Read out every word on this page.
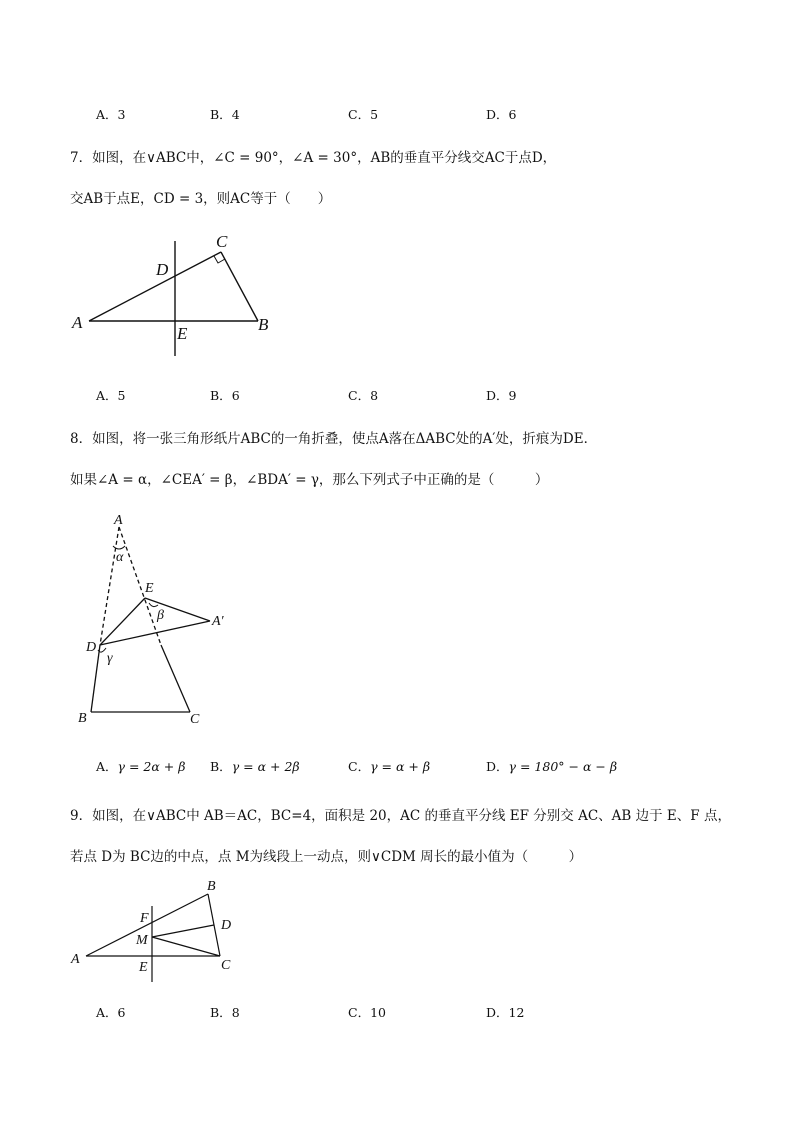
A．3	B．4	C．5	D．6
7．如图，在∨ABC中，∠C = 90°，∠A = 30°，AB的垂直平分线交AC于点D，
交AB于点E，CD = 3，则AC等于（　　）
A	B
C
D
E
A．5	B．6	C．8	D．9
8．如图，将一张三角形纸片ABC的一角折叠，使点A落在ΔABC处的A′处，折痕为DE．
如果∠A = α，∠CEA′ = β，∠BDA′ = γ，那么下列式子中正确的是（　　　）
A
B	C
D
E
A′
α
β
γ
A．γ = 2α + β B．γ = α + 2β	C．γ = α + β	D．γ = 180° − α − β
9．如图，在∨ABC中 AB＝AC，BC=4，面积是 20，AC 的垂直平分线 EF 分别交 AC、AB 边于 E、F 点，
若点 D为 BC边的中点，点 M为线段上一动点，则∨CDM 周长的最小值为（　　　）
A
B
C
D
E
F
M
A．6	B．8	C．10	D．12
